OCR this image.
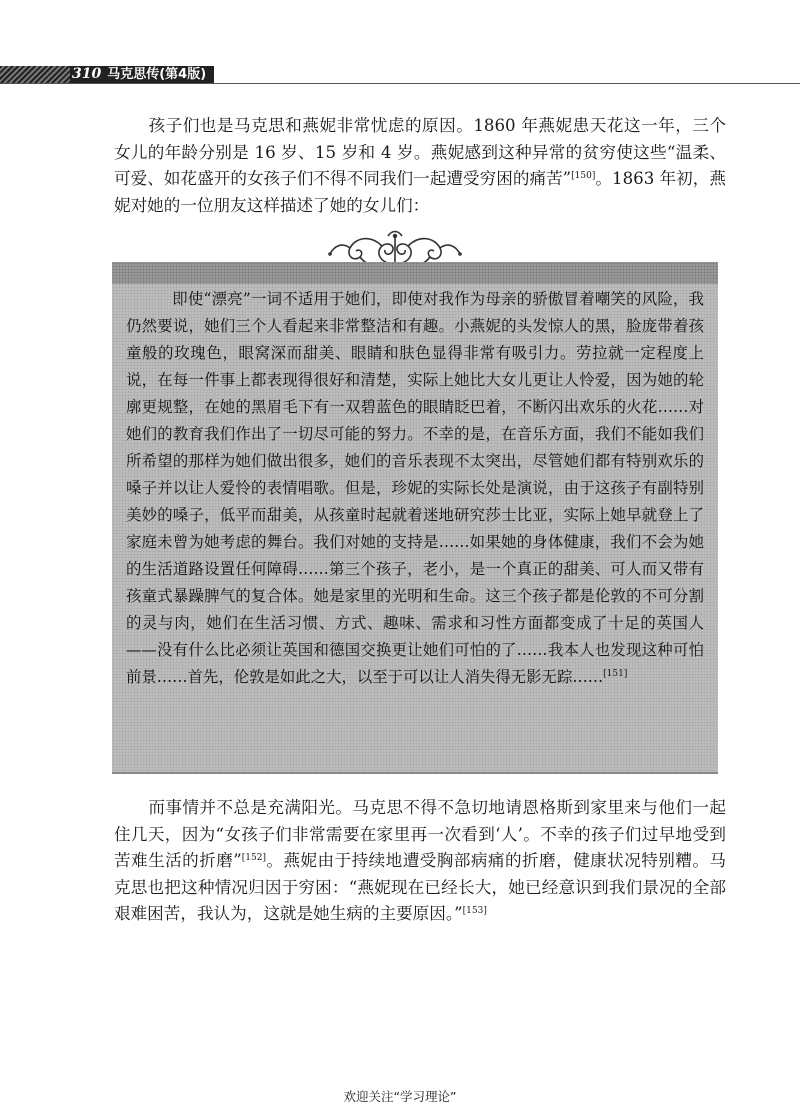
310 马克思传(第4版)

孩子们也是马克思和燕妮非常忧虑的原因。1860 年燕妮患天花这一年，三个女儿的年龄分别是 16 岁、15 岁和 4 岁。燕妮感到这种异常的贫穷使这些“温柔、可爱、如花盛开的女孩子们不得不同我们一起遭受穷困的痛苦”[150]。1863 年初，燕妮对她的一位朋友这样描述了她的女儿们：

即使“漂亮”一词不适用于她们，即使对我作为母亲的骄傲冒着嘲笑的风险，我仍然要说，她们三个人看起来非常整洁和有趣。小燕妮的头发惊人的黑，脸庞带着孩童般的玫瑰色，眼窝深而甜美、眼睛和肤色显得非常有吸引力。劳拉就一定程度上说，在每一件事上都表现得很好和清楚，实际上她比大女儿更让人怜爱，因为她的轮廓更规整，在她的黑眉毛下有一双碧蓝色的眼睛眨巴着，不断闪出欢乐的火花……对她们的教育我们作出了一切尽可能的努力。不幸的是，在音乐方面，我们不能如我们所希望的那样为她们做出很多，她们的音乐表现不太突出，尽管她们都有特别欢乐的嗓子并以让人爱怜的表情唱歌。但是，珍妮的实际长处是演说，由于这孩子有副特别美妙的嗓子，低平而甜美，从孩童时起就着迷地研究莎士比亚，实际上她早就登上了家庭未曾为她考虑的舞台。我们对她的支持是……如果她的身体健康，我们不会为她的生活道路设置任何障碍……第三个孩子，老小，是一个真正的甜美、可人而又带有孩童式暴躁脾气的复合体。她是家里的光明和生命。这三个孩子都是伦敦的不可分割的灵与肉，她们在生活习惯、方式、趣味、需求和习性方面都变成了十足的英国人——没有什么比必须让英国和德国交换更让她们可怕的了……我本人也发现这种可怕前景……首先，伦敦是如此之大，以至于可以让人消失得无影无踪……[151]

而事情并不总是充满阳光。马克思不得不急切地请恩格斯到家里来与他们一起住几天，因为“女孩子们非常需要在家里再一次看到‘人’。不幸的孩子们过早地受到苦难生活的折磨”[152]。燕妮由于持续地遭受胸部病痛的折磨，健康状况特别糟。马克思也把这种情况归因于穷困：“燕妮现在已经长大，她已经意识到我们景况的全部艰难困苦，我认为，这就是她生病的主要原因。”[153]

欢迎关注“学习理论”
